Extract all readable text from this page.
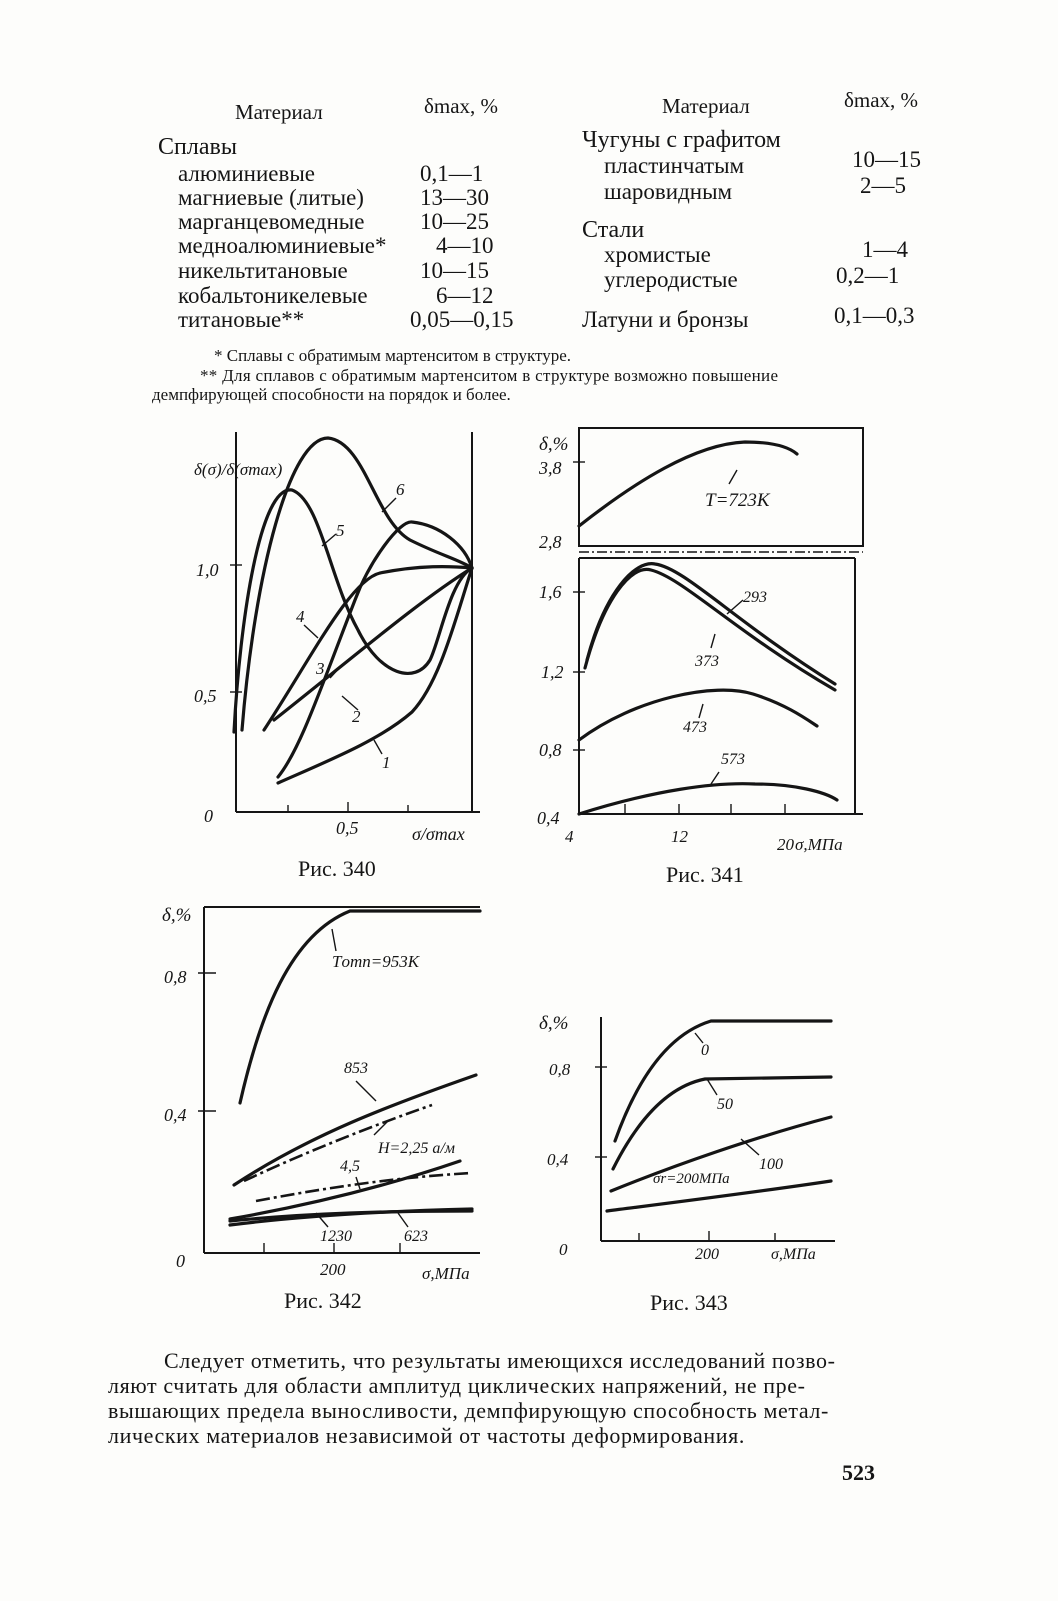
Материал	δmax, %
Сплавы
алюминиевые	0,1—1
магниевые (литые) 13—30
марганцевомедные 10—25
медноалюминиевые* 4—10
никельтитановые	10—15
кобальтоникелевые	6—12
титановые**	0,05—0,15
Материал	δmax, %
Чугуны с графитом
пластинчатым	10—15
шаровидным	2—5
Стали
хромистые	1—4
углеродистые	0,2—1
Латуни и бронзы	0,1—0,3
* Сплавы с обратимым мартенситом в структуре.
** Для сплавов с обратимым мартенситом в структуре возможно повышение
демпфирующей способности на порядок и более.
δ(σ)/δ(σmax)
1,0
0,5
0
0,5	σ/σmax
6
5
4
3
2
1
Рис. 340
δ,%
3,8
2,8
1,6
1,2
0,8
0,4
4	12	20 σ,МПа
T=723K
293
373
473
573
Рис. 341
δ,%
0,8
0,4
0	200	σ,МПа
Tотп=953K
853
H=2,25 а/м
4,5
1230	623
Рис. 342
δ,%
0,8
0,4
0	200	σ,МПа
0
50
100
σr=200МПа
Рис. 343
Следует отметить, что результаты имеющихся исследований позво-
ляют считать для области амплитуд циклических напряжений, не пре-
вышающих предела выносливости, демпфирующую способность метал-
лических материалов независимой от частоты деформирования.
523
